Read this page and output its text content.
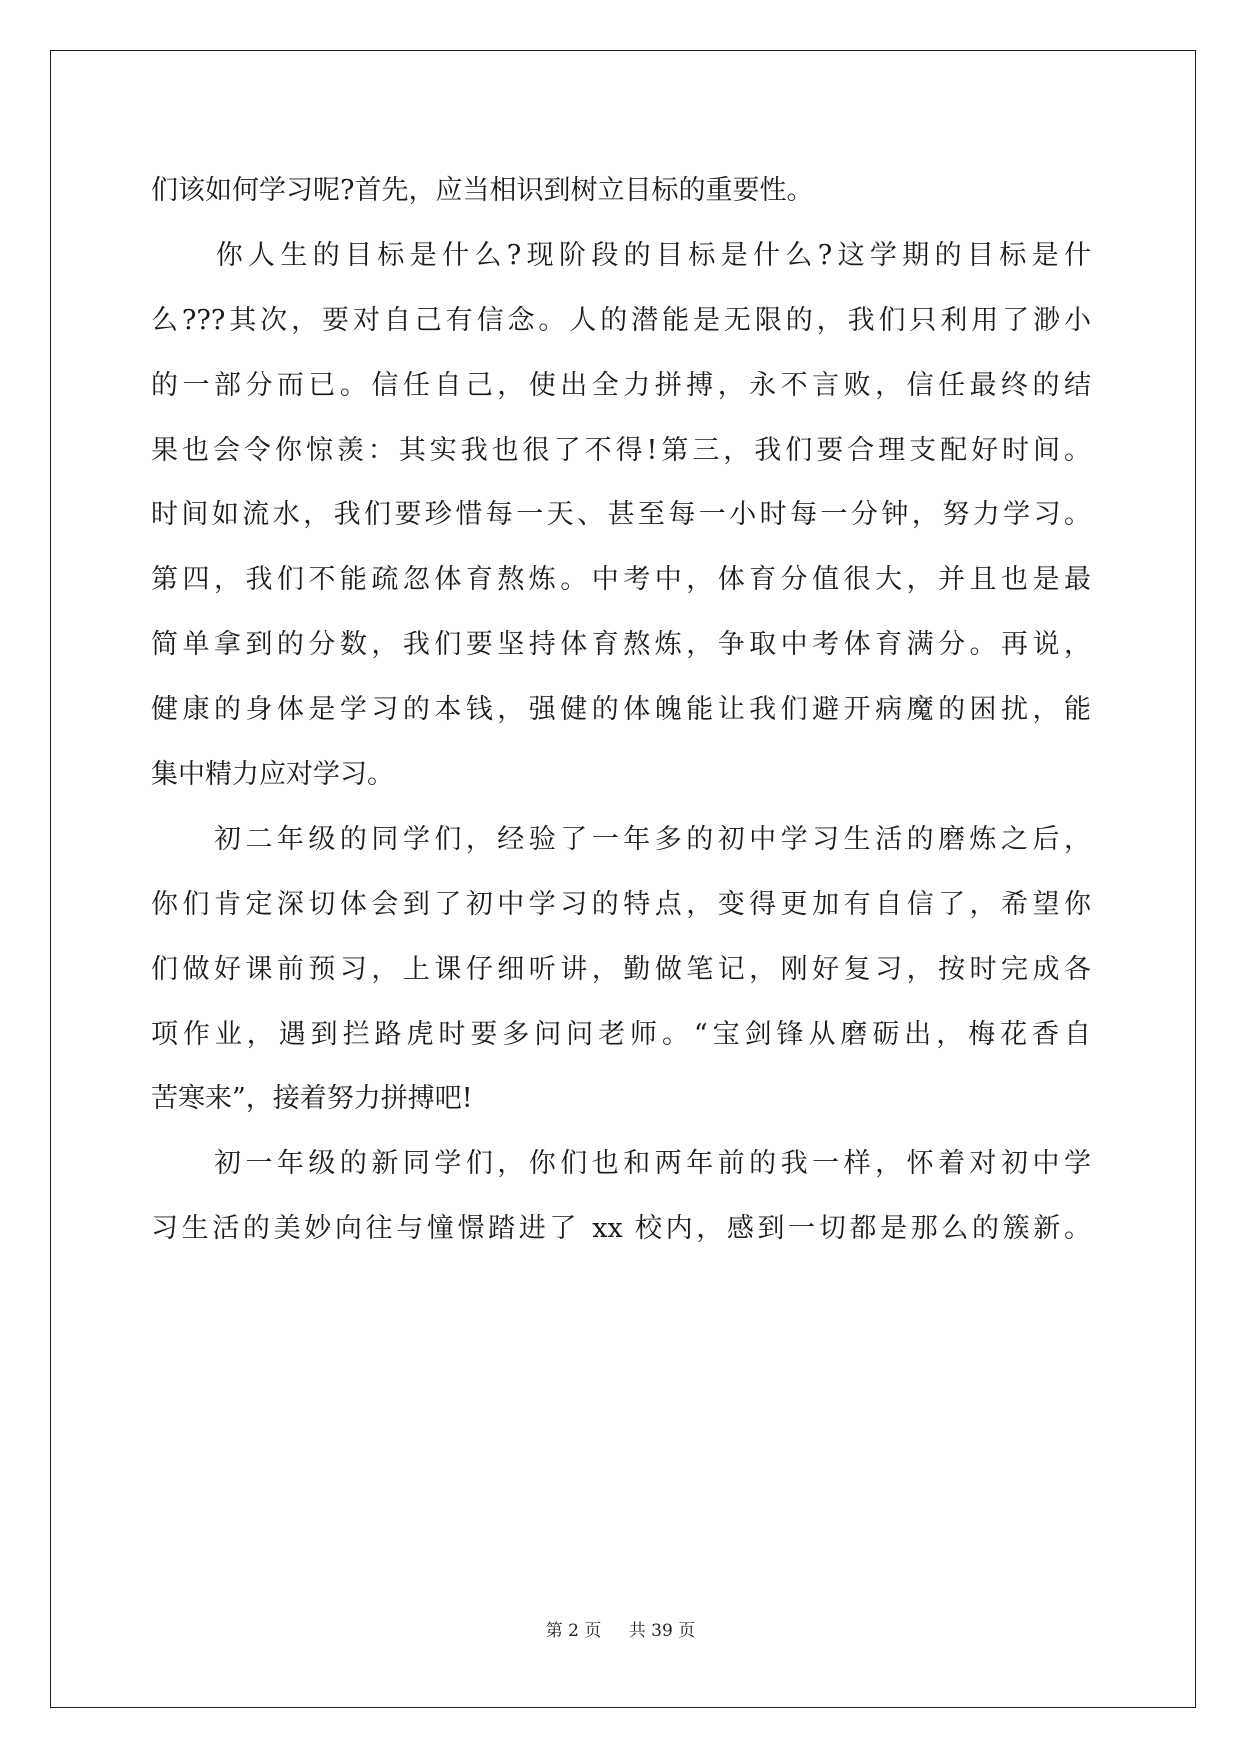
们该如何学习呢?首先，应当相识到树立目标的重要性。
　　你人生的目标是什么?现阶段的目标是什么?这学期的目标是什
么???其次，要对自己有信念。人的潜能是无限的，我们只利用了渺小
的一部分而已。信任自己，使出全力拼搏，永不言败，信任最终的结
果也会令你惊羡：其实我也很了不得!第三，我们要合理支配好时间。
时间如流水，我们要珍惜每一天、甚至每一小时每一分钟，努力学习。
第四，我们不能疏忽体育熬炼。中考中，体育分值很大，并且也是最
简单拿到的分数，我们要坚持体育熬炼，争取中考体育满分。再说，
健康的身体是学习的本钱，强健的体魄能让我们避开病魔的困扰，能
集中精力应对学习。
　　初二年级的同学们，经验了一年多的初中学习生活的磨炼之后，
你们肯定深切体会到了初中学习的特点，变得更加有自信了，希望你
们做好课前预习，上课仔细听讲，勤做笔记，刚好复习，按时完成各
项作业，遇到拦路虎时要多问问老师。“宝剑锋从磨砺出，梅花香自
苦寒来”，接着努力拼搏吧!
　　初一年级的新同学们，你们也和两年前的我一样，怀着对初中学
习生活的美妙向往与憧憬踏进了 xx 校内，感到一切都是那么的簇新。
第 2 页 共 39 页
